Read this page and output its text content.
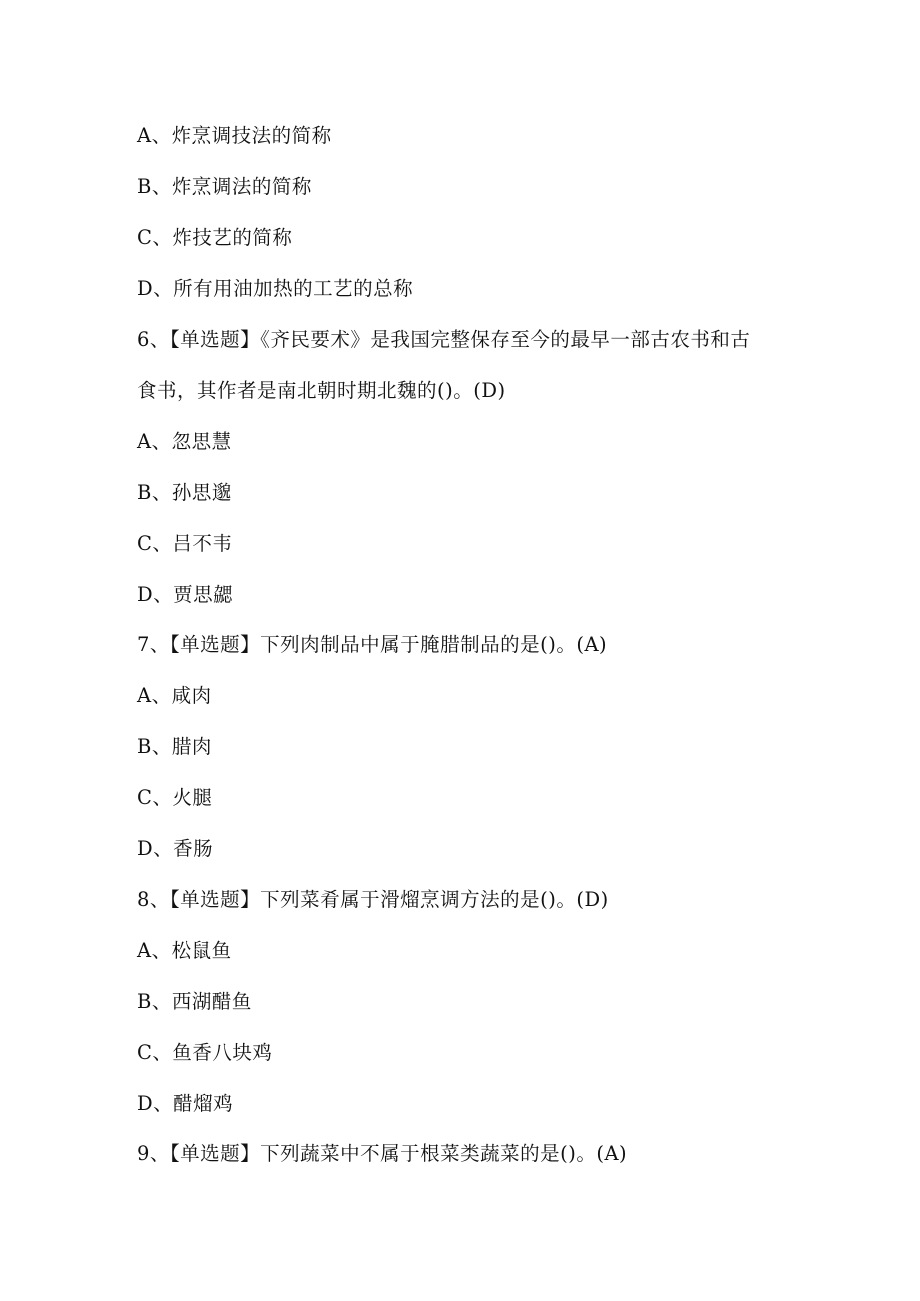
A、炸烹调技法的简称
B、炸烹调法的简称
C、炸技艺的简称
D、所有用油加热的工艺的总称
6、【单选题】《齐民要术》是我国完整保存至今的最早一部古农书和古
食书，其作者是南北朝时期北魏的()。(D)
A、忽思慧
B、孙思邈
C、吕不韦
D、贾思勰
7、【单选题】下列肉制品中属于腌腊制品的是()。(A)
A、咸肉
B、腊肉
C、火腿
D、香肠
8、【单选题】下列菜肴属于滑熘烹调方法的是()。(D)
A、松鼠鱼
B、西湖醋鱼
C、鱼香八块鸡
D、醋熘鸡
9、【单选题】下列蔬菜中不属于根菜类蔬菜的是()。(A)
